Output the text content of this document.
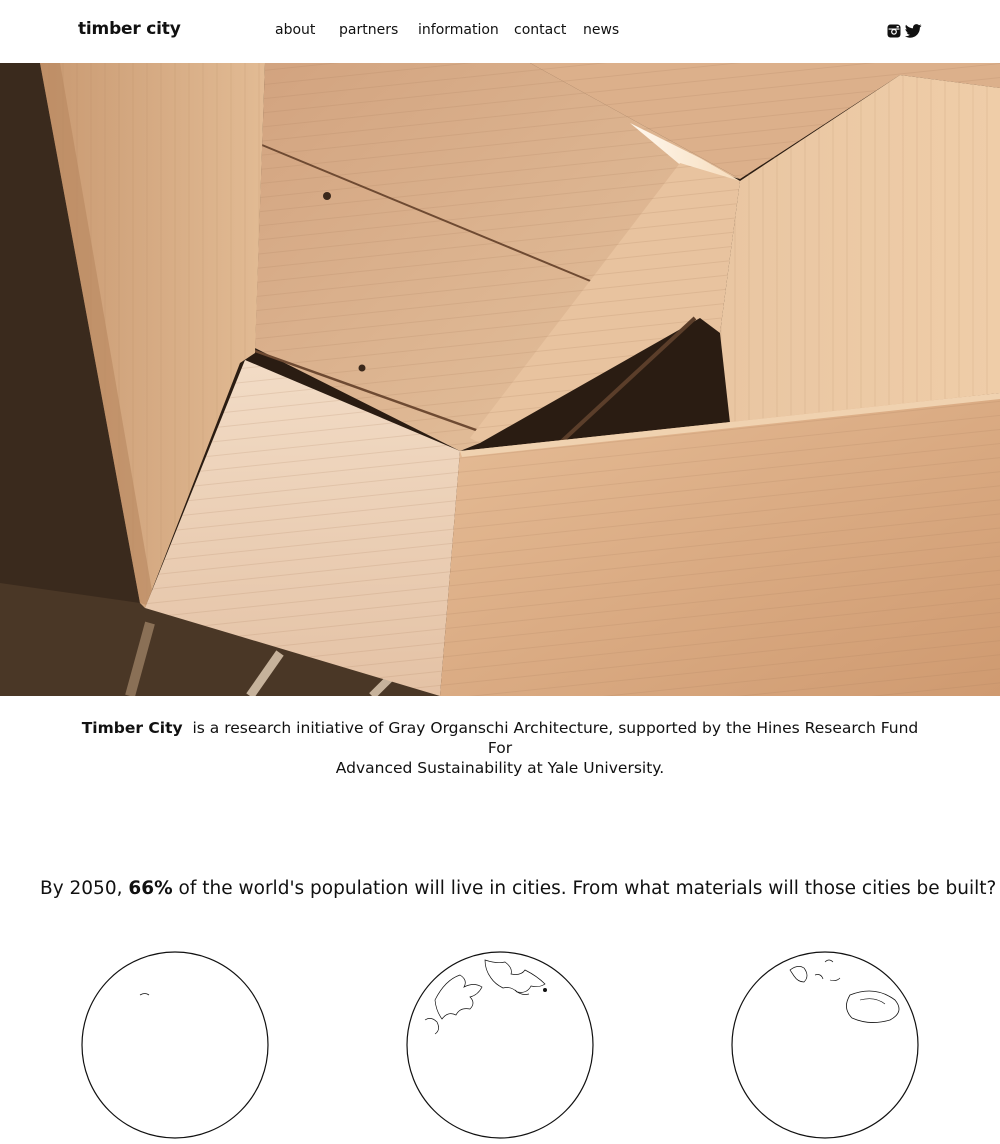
timber city	about partners information contact news

Timber City is a research initiative of Gray Organschi Architecture, supported by the Hines Research Fund For

Advanced Sustainability at Yale University.

By 2050, 66% of the world's population will live in cities. From what materials will those cities be built?
